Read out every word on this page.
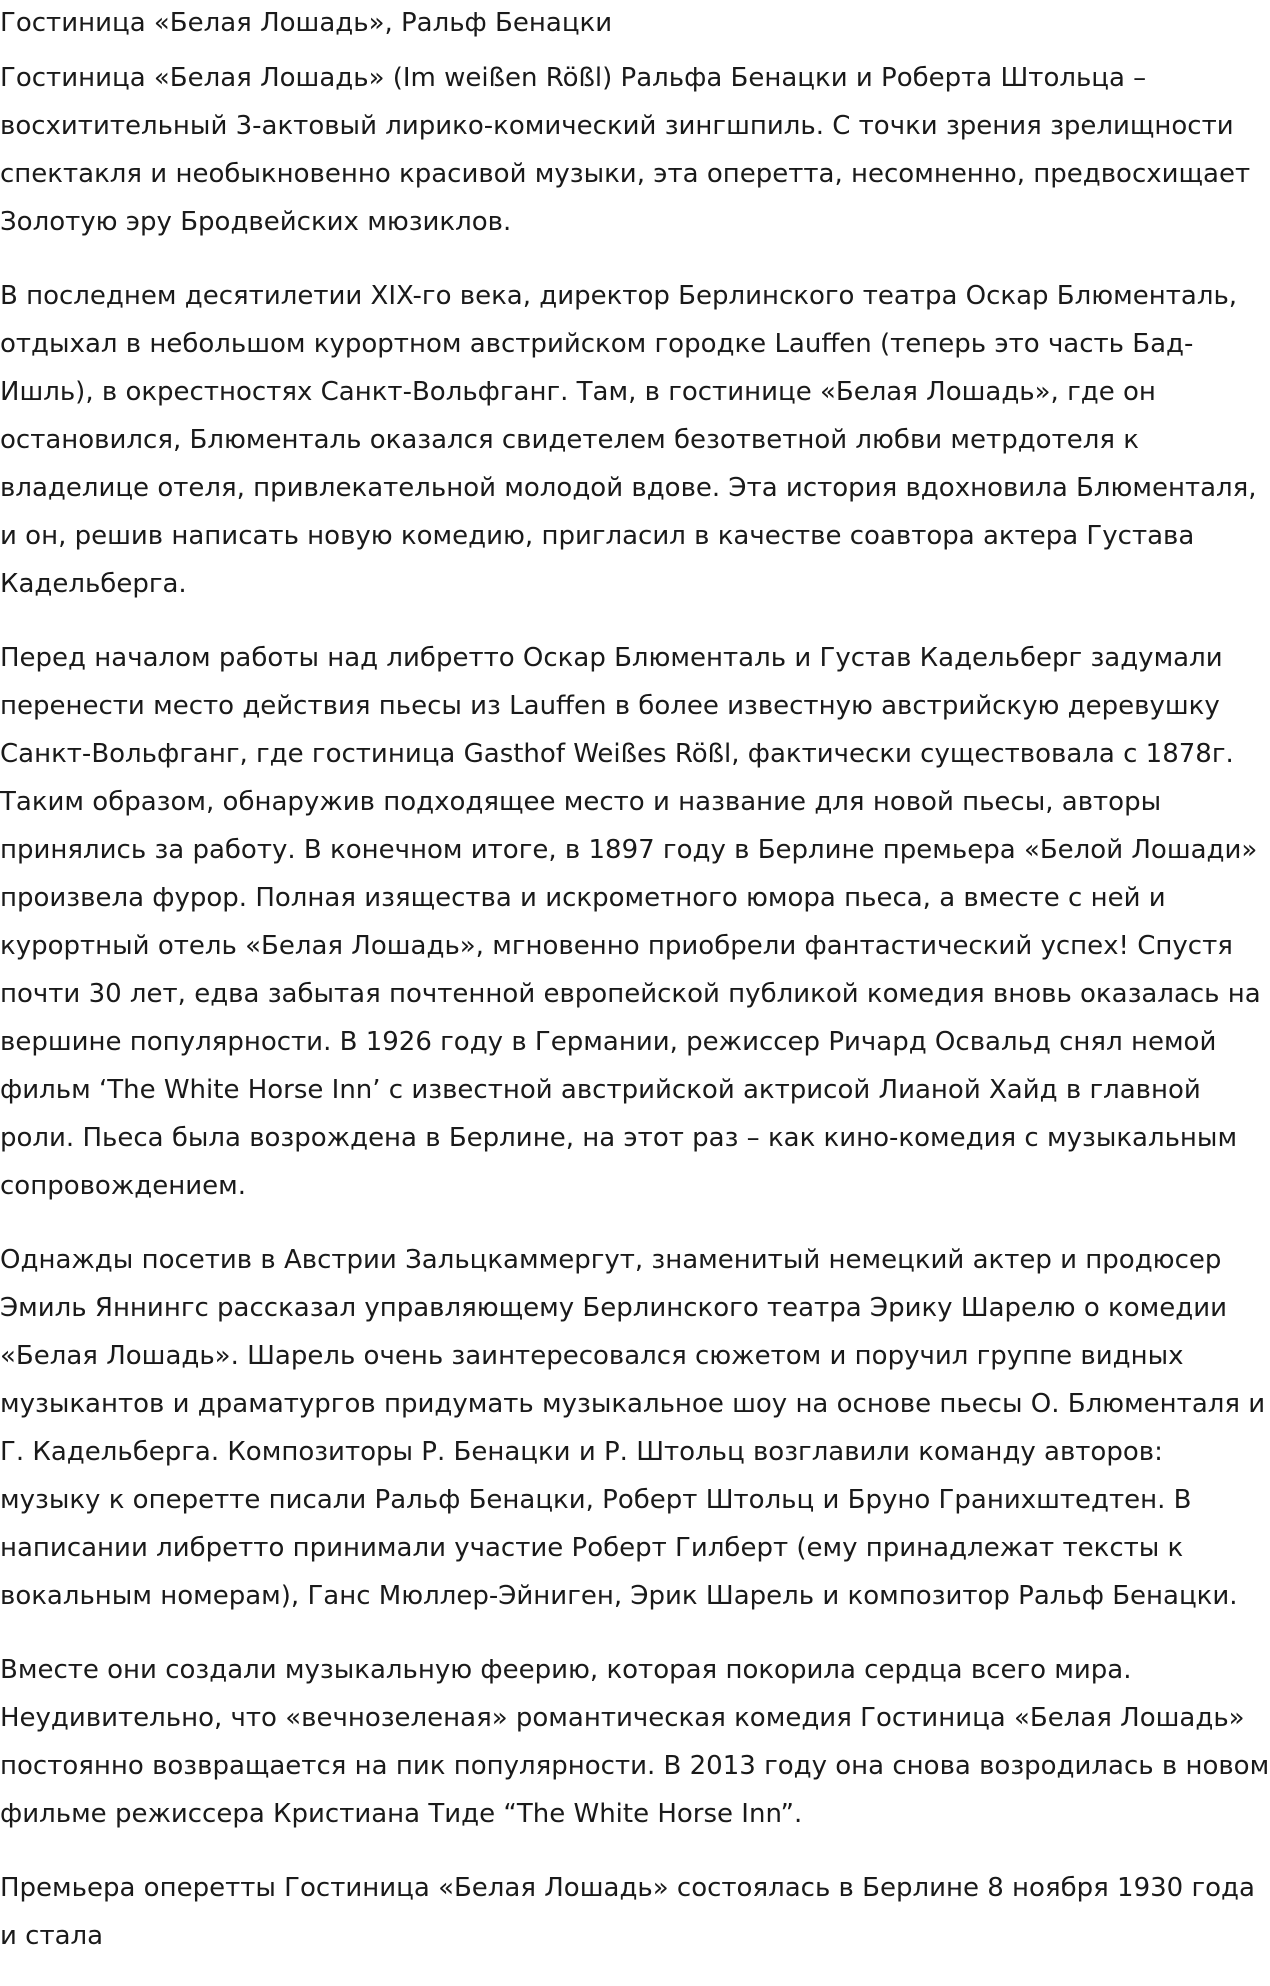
Гостиница «Белая Лошадь», Ральф Бенацки

Гостиница «Белая Лошадь» (Im weißen Rößl) Ральфа Бенацки и Роберта Штольца – восхитительный 3-актовый лирико-комический зингшпиль. С точки зрения зрелищности спектакля и необыкновенно красивой музыки, эта оперетта, несомненно, предвосхищает Золотую эру Бродвейских мюзиклов.

В последнем десятилетии XIX-го века, директор Берлинского театра Оскар Блюменталь, отдыхал в небольшом курортном австрийском городке Lauffen (теперь это часть Бад-Ишль), в окрестностях Санкт-Вольфганг. Там, в гостинице «Белая Лошадь», где он остановился, Блюменталь оказался свидетелем безответной любви метрдотеля к владелице отеля, привлекательной молодой вдове. Эта история вдохновила Блюменталя, и он, решив написать новую комедию, пригласил в качестве соавтора актера Густава Кадельберга.

Перед началом работы над либретто Оскар Блюменталь и Густав Кадельберг задумали перенести место действия пьесы из Lauffen в более известную австрийскую деревушку Санкт-Вольфганг, где гостиница Gasthof Weißes Rößl, фактически существовала с 1878г. Таким образом, обнаружив подходящее место и название для новой пьесы, авторы принялись за работу. В конечном итоге, в 1897 году в Берлине премьера «Белой Лошади» произвела фурор. Полная изящества и искрометного юмора пьеса, а вместе с ней и курортный отель «Белая Лошадь», мгновенно приобрели фантастический успех! Спустя почти 30 лет, едва забытая почтенной европейской публикой комедия вновь оказалась на вершине популярности. В 1926 году в Германии, режиссер Ричард Освальд снял немой фильм ‘The White Horse Inn’ с известной австрийской актрисой Лианой Хайд в главной роли. Пьеса была возрождена в Берлине, на этот раз – как кино-комедия с музыкальным сопровождением.

Однажды посетив в Австрии Зальцкаммергут, знаменитый немецкий актер и продюсер Эмиль Яннингс рассказал управляющему Берлинского театра Эрику Шарелю о комедии «Белая Лошадь». Шарель очень заинтересовался сюжетом и поручил группе видных музыкантов и драматургов придумать музыкальное шоу на основе пьесы О. Блюменталя и Г. Кадельберга. Композиторы Р. Бенацки и Р. Штольц возглавили команду авторов: музыку к оперетте писали Ральф Бенацки, Роберт Штольц и Бруно Гранихштедтен. В написании либретто принимали участие Роберт Гилберт (ему принадлежат тексты к вокальным номерам), Ганс Мюллер-Эйниген, Эрик Шарель и композитор Ральф Бенацки.

Вместе они создали музыкальную феерию, которая покорила сердца всего мира. Неудивительно, что «вечнозеленая» романтическая комедия Гостиница «Белая Лошадь» постоянно возвращается на пик популярности. В 2013 году она снова возродилась в новом фильме режиссера Кристиана Тиде “The White Horse Inn”.

Премьера оперетты Гостиница «Белая Лошадь» состоялась в Берлине 8 ноября 1930 года и стала
